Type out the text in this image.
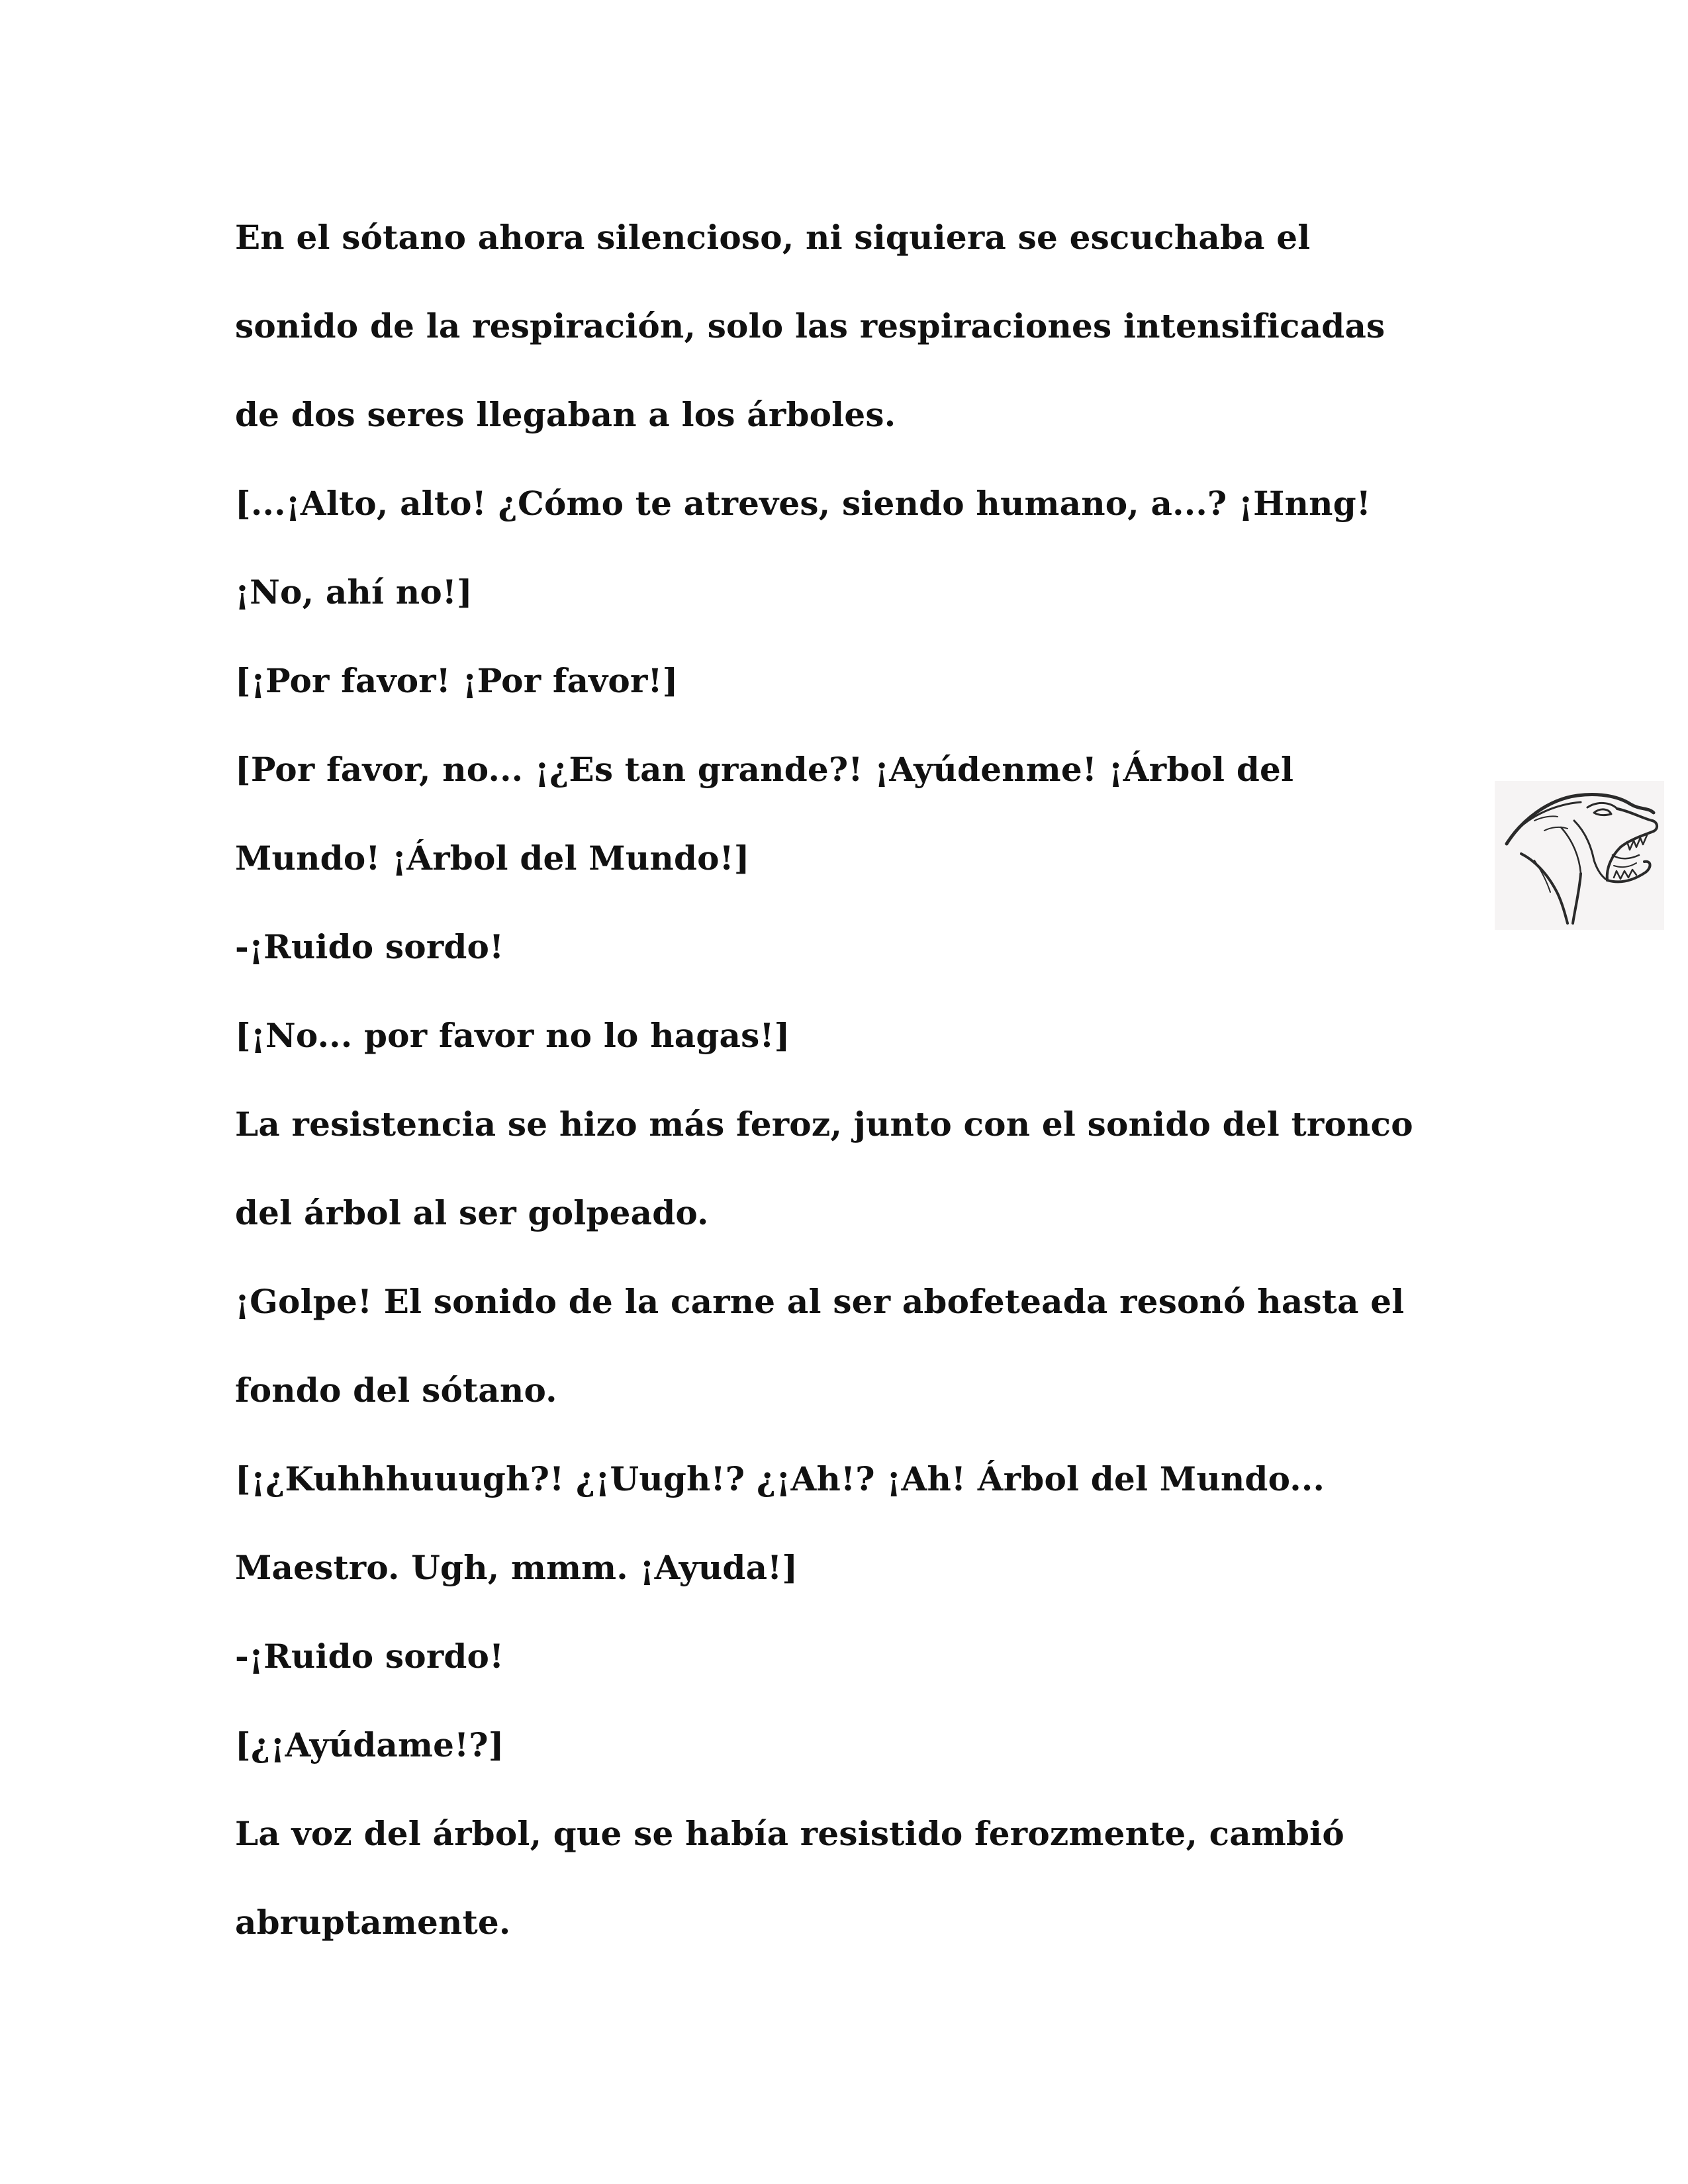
En el sótano ahora silencioso, ni siquiera se escuchaba el
sonido de la respiración, solo las respiraciones intensificadas
de dos seres llegaban a los árboles.
[...¡Alto, alto! ¿Cómo te atreves, siendo humano, a...? ¡Hnng!
¡No, ahí no!]
[¡Por favor! ¡Por favor!]
[Por favor, no... ¡¿Es tan grande?! ¡Ayúdenme! ¡Árbol del
Mundo! ¡Árbol del Mundo!]
-¡Ruido sordo!
[¡No... por favor no lo hagas!]
La resistencia se hizo más feroz, junto con el sonido del tronco
del árbol al ser golpeado.
¡Golpe! El sonido de la carne al ser abofeteada resonó hasta el
fondo del sótano.
[¡¿Kuhhhuuugh?! ¿¡Uugh!? ¿¡Ah!? ¡Ah! Árbol del Mundo...
Maestro. Ugh, mmm. ¡Ayuda!]
-¡Ruido sordo!
[¿¡Ayúdame!?]
La voz del árbol, que se había resistido ferozmente, cambió
abruptamente.
